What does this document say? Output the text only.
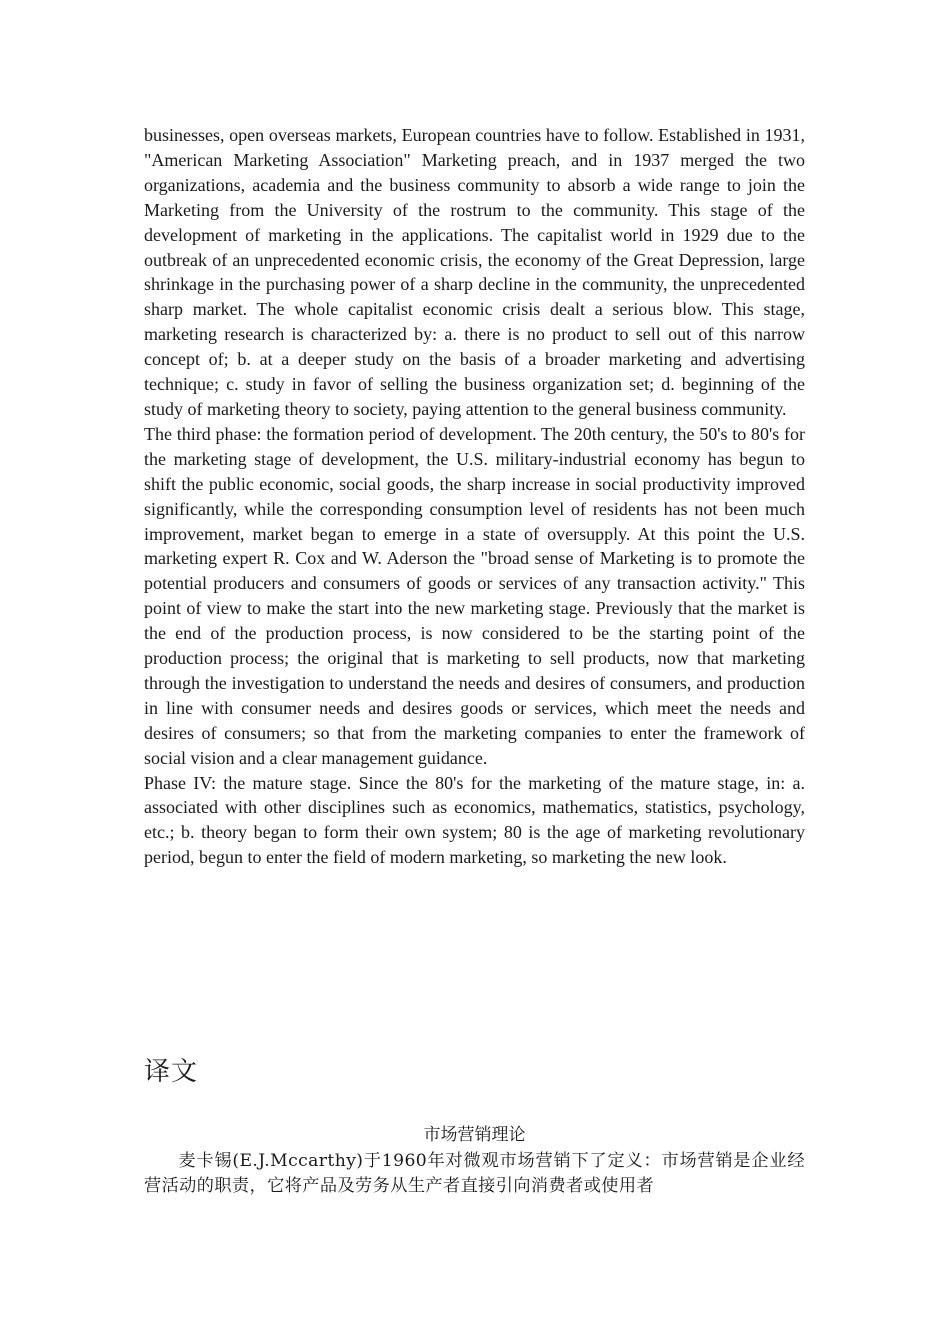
businesses, open overseas markets, European countries have to follow. Established in 1931, "American Marketing Association" Marketing preach, and in 1937 merged the two organizations, academia and the business community to absorb a wide range to join the Marketing from the University of the rostrum to the community. This stage of the development of marketing in the applications. The capitalist world in 1929 due to the outbreak of an unprecedented economic crisis, the economy of the Great Depression, large shrinkage in the purchasing power of a sharp decline in the community, the unprecedented sharp market. The whole capitalist economic crisis dealt a serious blow. This stage, marketing research is characterized by: a. there is no product to sell out of this narrow concept of; b. at a deeper study on the basis of a broader marketing and advertising technique; c. study in favor of selling the business organization set; d. beginning of the study of marketing theory to society, paying attention to the general business community.

The third phase: the formation period of development. The 20th century, the 50's to 80's for the marketing stage of development, the U.S. military-industrial economy has begun to shift the public economic, social goods, the sharp increase in social productivity improved significantly, while the corresponding consumption level of residents has not been much improvement, market began to emerge in a state of oversupply. At this point the U.S. marketing expert R. Cox and W. Aderson the "broad sense of Marketing is to promote the potential producers and consumers of goods or services of any transaction activity." This point of view to make the start into the new marketing stage. Previously that the market is the end of the production process, is now considered to be the starting point of the production process; the original that is marketing to sell products, now that marketing through the investigation to understand the needs and desires of consumers, and production in line with consumer needs and desires goods or services, which meet the needs and desires of consumers; so that from the marketing companies to enter the framework of social vision and a clear management guidance.

Phase IV: the mature stage. Since the 80's for the marketing of the mature stage, in: a. associated with other disciplines such as economics, mathematics, statistics, psychology, etc.; b. theory began to form their own system; 80 is the age of marketing revolutionary period, begun to enter the field of modern marketing, so marketing the new look.

译文
市场营销理论

麦卡锡(E.J.Mccarthy)于1960年对微观市场营销下了定义：市场营销是企业经营活动的职责，它将产品及劳务从生产者直接引向消费者或使用者
